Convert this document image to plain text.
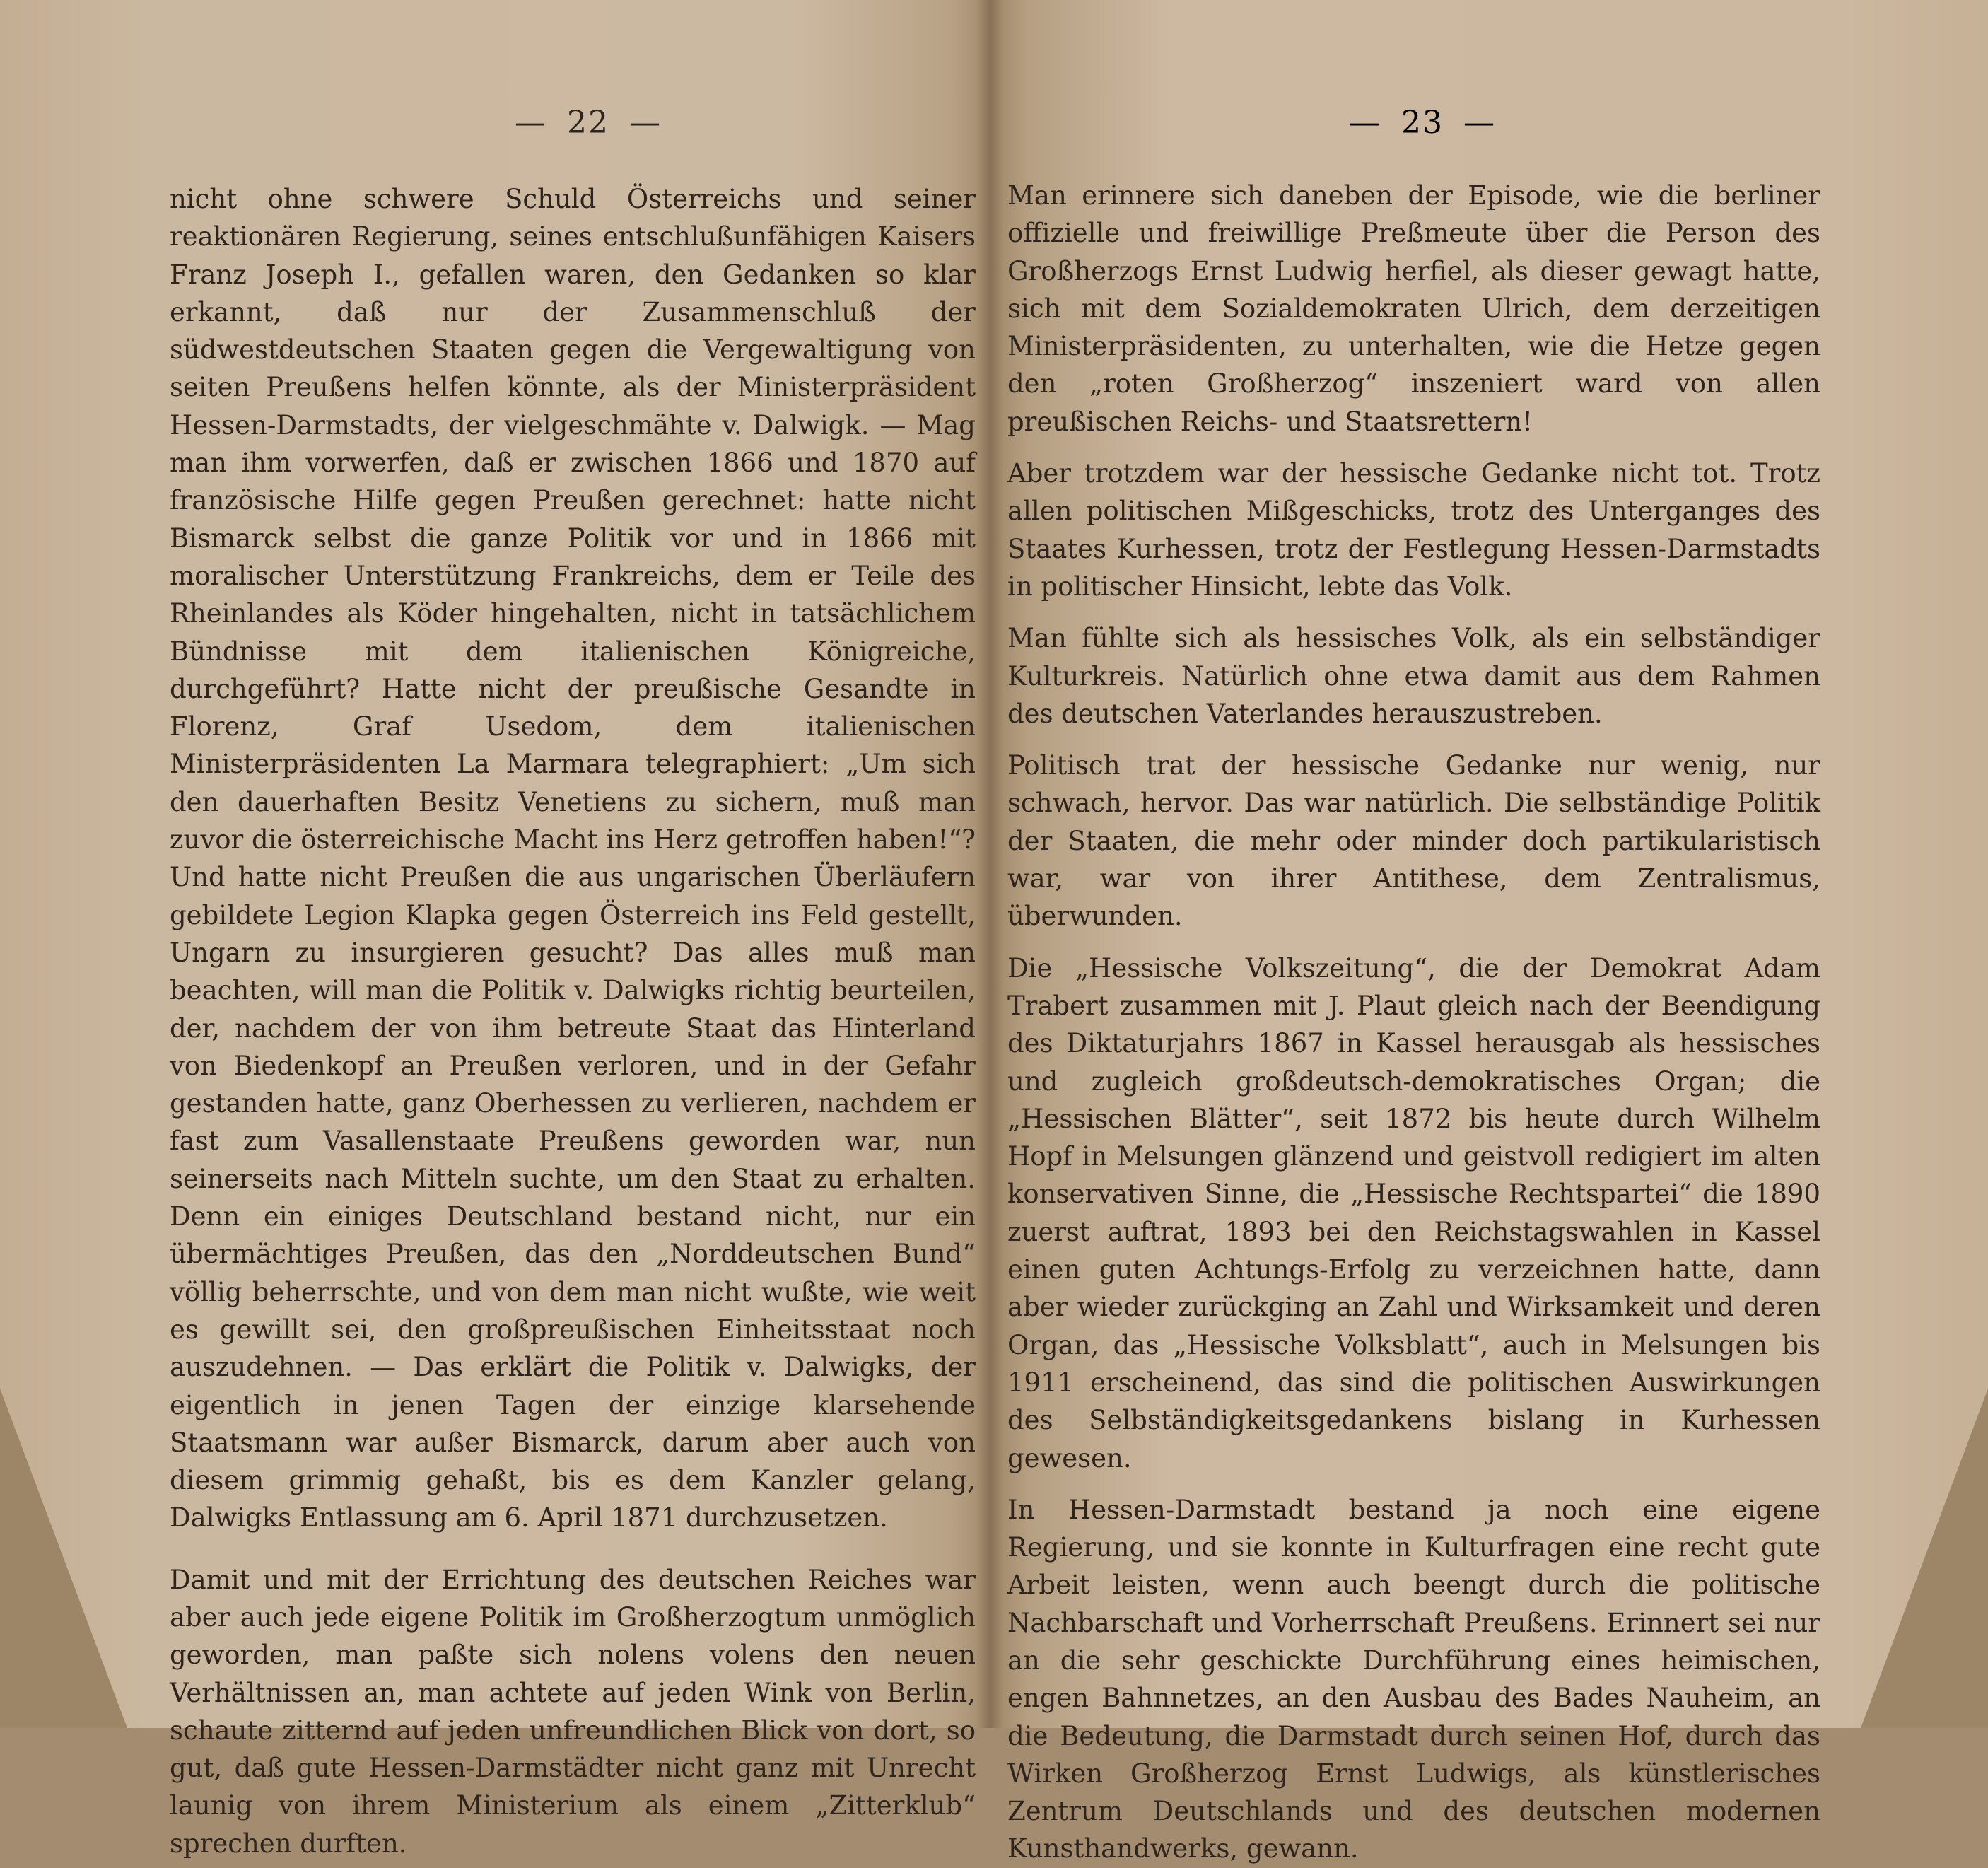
— 22 —

nicht ohne schwere Schuld Österreichs und seiner reaktionären Regierung, seines entschlußunfähigen Kaisers Franz Joseph I., gefallen waren, den Gedanken so klar erkannt, daß nur der Zusammenschluß der südwestdeutschen Staaten gegen die Vergewaltigung von seiten Preußens helfen könnte, als der Ministerpräsident Hessen-Darmstadts, der vielgeschmähte v. Dalwigk. — Mag man ihm vorwerfen, daß er zwischen 1866 und 1870 auf französische Hilfe gegen Preußen gerechnet: hatte nicht Bismarck selbst die ganze Politik vor und in 1866 mit moralischer Unterstützung Frankreichs, dem er Teile des Rheinlandes als Köder hingehalten, nicht in tatsächlichem Bündnisse mit dem italienischen Königreiche, durchgeführt? Hatte nicht der preußische Gesandte in Florenz, Graf Usedom, dem italienischen Ministerpräsidenten La Marmara telegraphiert: „Um sich den dauerhaften Besitz Venetiens zu sichern, muß man zuvor die österreichische Macht ins Herz getroffen haben!“? Und hatte nicht Preußen die aus ungarischen Überläufern gebildete Legion Klapka gegen Österreich ins Feld gestellt, Ungarn zu insurgieren gesucht? Das alles muß man beachten, will man die Politik v. Dalwigks richtig beurteilen, der, nachdem der von ihm betreute Staat das Hinterland von Biedenkopf an Preußen verloren, und in der Gefahr gestanden hatte, ganz Oberhessen zu verlieren, nachdem er fast zum Vasallenstaate Preußens geworden war, nun seinerseits nach Mitteln suchte, um den Staat zu erhalten. Denn ein einiges Deutschland bestand nicht, nur ein übermächtiges Preußen, das den „Norddeutschen Bund“ völlig beherrschte, und von dem man nicht wußte, wie weit es gewillt sei, den großpreußischen Einheitsstaat noch auszudehnen. — Das erklärt die Politik v. Dalwigks, der eigentlich in jenen Tagen der einzige klarsehende Staatsmann war außer Bismarck, darum aber auch von diesem grimmig gehaßt, bis es dem Kanzler gelang, Dalwigks Entlassung am 6. April 1871 durchzusetzen.

Damit und mit der Errichtung des deutschen Reiches war aber auch jede eigene Politik im Großherzogtum unmöglich geworden, man paßte sich nolens volens den neuen Verhältnissen an, man achtete auf jeden Wink von Berlin, schaute zitternd auf jeden unfreundlichen Blick von dort, so gut, daß gute Hessen-Darmstädter nicht ganz mit Unrecht launig von ihrem Ministerium als einem „Zitterklub“ sprechen durften.

Man erinnere sich daneben der Episode, wie die berliner offizielle und freiwillige Preßmeute über die Person des Großherzogs Ernst Ludwig herfiel, als dieser gewagt hatte, sich mit dem Sozialdemokraten Ulrich, dem derzeitigen Ministerpräsidenten, zu unterhalten, wie die Hetze gegen den „roten Großherzog“ inszeniert ward von allen preußischen Reichs- und Staatsrettern!

Aber trotzdem war der hessische Gedanke nicht tot. Trotz allen politischen Mißgeschicks, trotz des Unterganges des Staates Kurhessen, trotz der Festlegung Hessen-Darmstadts in politischer Hinsicht, lebte das Volk.

Man fühlte sich als hessisches Volk, als ein selbständiger Kulturkreis. Natürlich ohne etwa damit aus dem Rahmen des deutschen Vaterlandes herauszustreben.

Politisch trat der hessische Gedanke nur wenig, nur schwach, hervor. Das war natürlich. Die selbständige Politik der Staaten, die mehr oder minder doch partikularistisch war, war von ihrer Antithese, dem Zentralismus, überwunden.

Die „Hessische Volkszeitung“, die der Demokrat Adam Trabert zusammen mit J. Plaut gleich nach der Beendigung des Diktaturjahrs 1867 in Kassel herausgab als hessisches und zugleich großdeutsch-demokratisches Organ; die „Hessischen Blätter“, seit 1872 bis heute durch Wilhelm Hopf in Melsungen glänzend und geistvoll redigiert im alten konservativen Sinne, die „Hessische Rechtspartei“ die 1890 zuerst auftrat, 1893 bei den Reichstagswahlen in Kassel einen guten Achtungs-Erfolg zu verzeichnen hatte, dann aber wieder zurückging an Zahl und Wirksamkeit und deren Organ, das „Hessische Volksblatt“, auch in Melsungen bis 1911 erscheinend, das sind die politischen Auswirkungen des Selbständigkeitsgedankens bislang in Kurhessen gewesen.

In Hessen-Darmstadt bestand ja noch eine eigene Regierung, und sie konnte in Kulturfragen eine recht gute Arbeit leisten, wenn auch beengt durch die politische Nachbarschaft und Vorherrschaft Preußens. Erinnert sei nur an die sehr geschickte Durchführung eines heimischen, engen Bahnnetzes, an den Ausbau des Bades Nauheim, an die Bedeutung, die Darmstadt durch seinen Hof, durch das Wirken Großherzog Ernst Ludwigs, als künstlerisches Zentrum Deutschlands und des deutschen modernen Kunsthandwerks, gewann.

— 23 —
